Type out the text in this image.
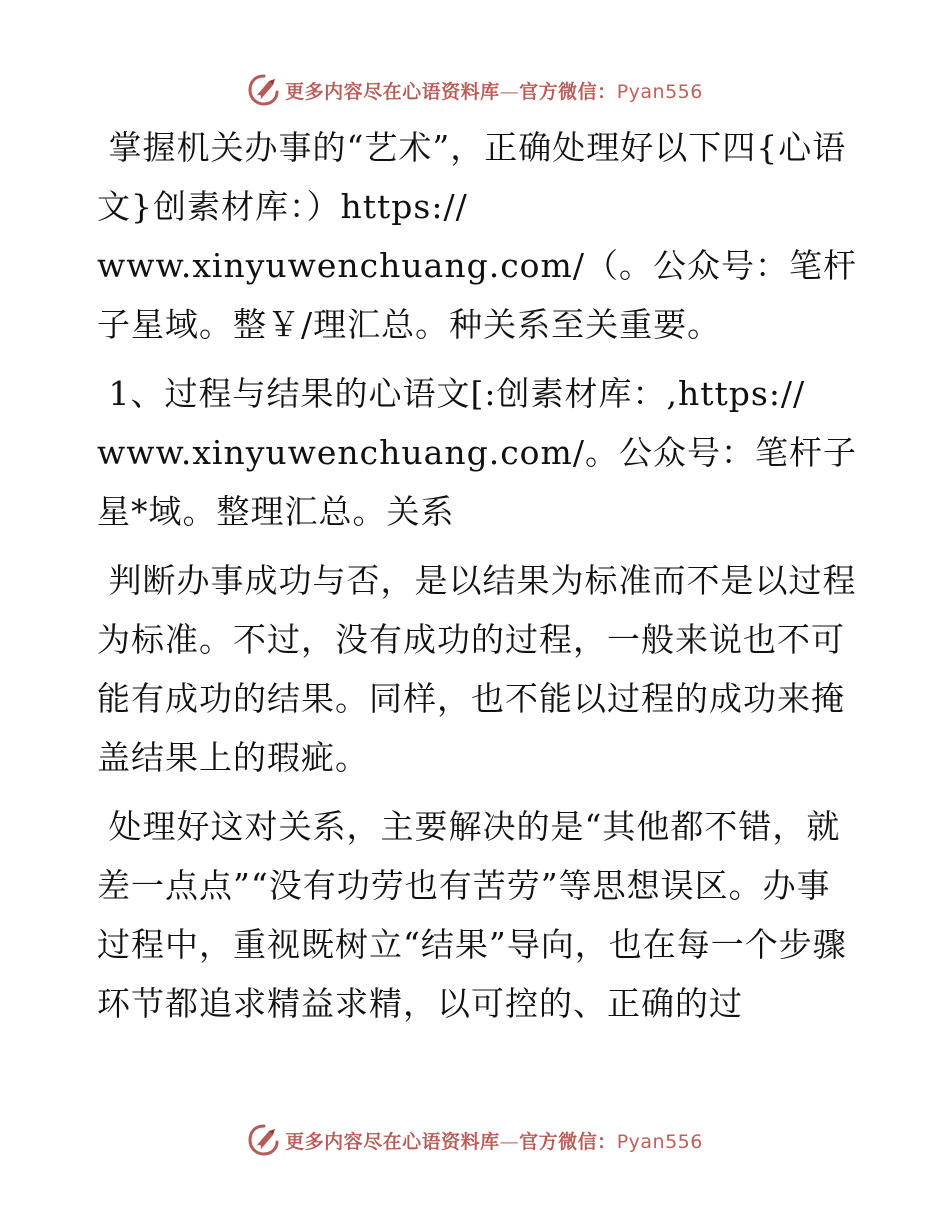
更多内容尽在心语资料库—官方微信：Pyan556

掌握机关办事的“艺术”，正确处理好以下四{心语文}创素材库：）https://
www.xinyuwenchuang.com/（。公众号：笔杆子星域。整￥/理汇总。种关系至关重要。

1、过程与结果的心语文[:创素材库：,https://
www.xinyuwenchuang.com/。公众号：笔杆子星*域。整理汇总。关系

判断办事成功与否，是以结果为标准而不是以过程为标准。不过，没有成功的过程，一般来说也不可能有成功的结果。同样，也不能以过程的成功来掩盖结果上的瑕疵。

处理好这对关系，主要解决的是“其他都不错，就差一点点”“没有功劳也有苦劳”等思想误区。办事过程中，重视既树立“结果”导向，也在每一个步骤环节都追求精益求精，以可控的、正确的过

更多内容尽在心语资料库—官方微信：Pyan556
